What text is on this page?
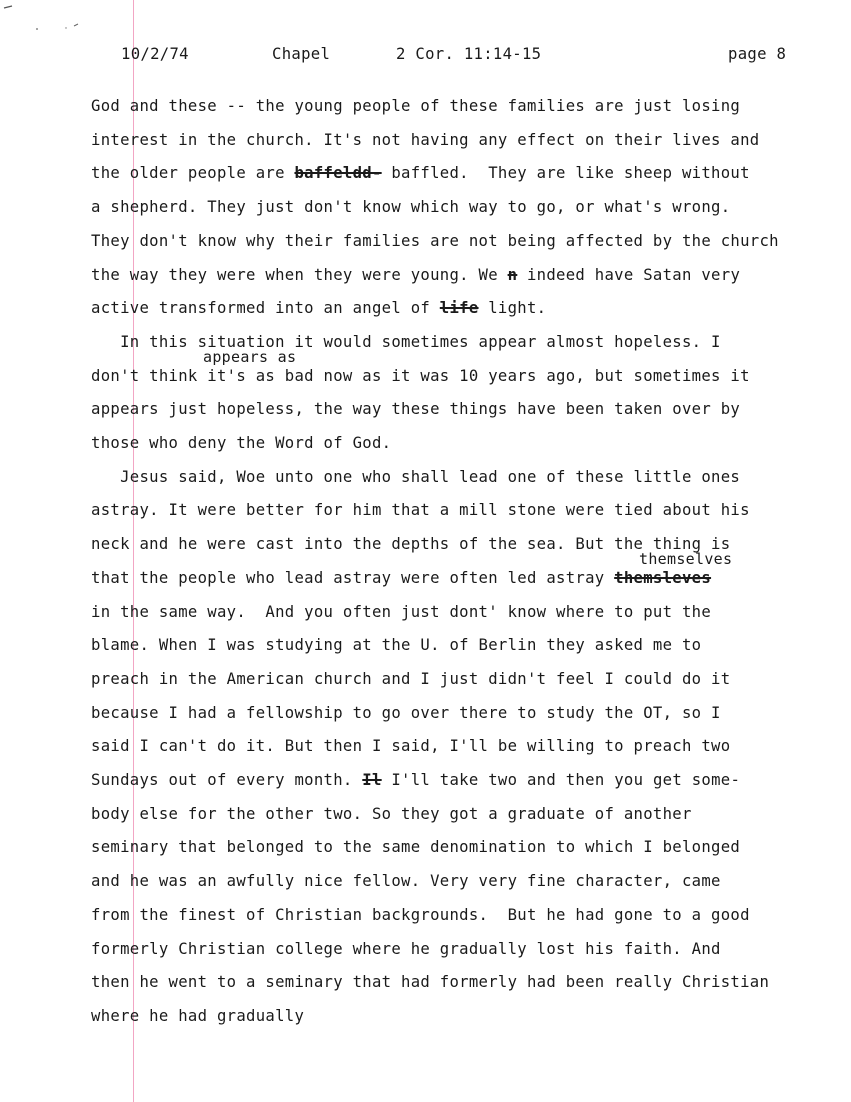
10/2/74	Chapel	2 Cor. 11:14-15	page 8
God and these -- the young people of these families are just losing
interest in the church. It's not having any effect on their lives and
the older people are baffeldd- baffled.  They are like sheep without
a shepherd. They just don't know which way to go, or what's wrong.
They don't know why their families are not being affected by the church
the way they were when they were young. We n indeed have Satan very
active transformed into an angel of life light.
In this situation it would sometimes appear almost hopeless. I
don't think it's as bad now as it was 10 years ago, but sometimes it
appears just hopeless, the way these things have been taken over by
those who deny the Word of God.
Jesus said, Woe unto one who shall lead one of these little ones
astray. It were better for him that a mill stone were tied about his
neck and he were cast into the depths of the sea. But the thing is
that the people who lead astray were often led astray themsleves
in the same way.  And you often just dont' know where to put the
blame. When I was studying at the U. of Berlin they asked me to
preach in the American church and I just didn't feel I could do it
because I had a fellowship to go over there to study the OT, so I
said I can't do it. But then I said, I'll be willing to preach two
Sundays out of every month. Il I'll take two and then you get some-
body else for the other two. So they got a graduate of another
seminary that belonged to the same denomination to which I belonged
and he was an awfully nice fellow. Very very fine character, came
from the finest of Christian backgrounds.  But he had gone to a good
formerly Christian college where he gradually lost his faith. And
then he went to a seminary that had formerly had been really Christian
where he had gradually
appears as
themselves
